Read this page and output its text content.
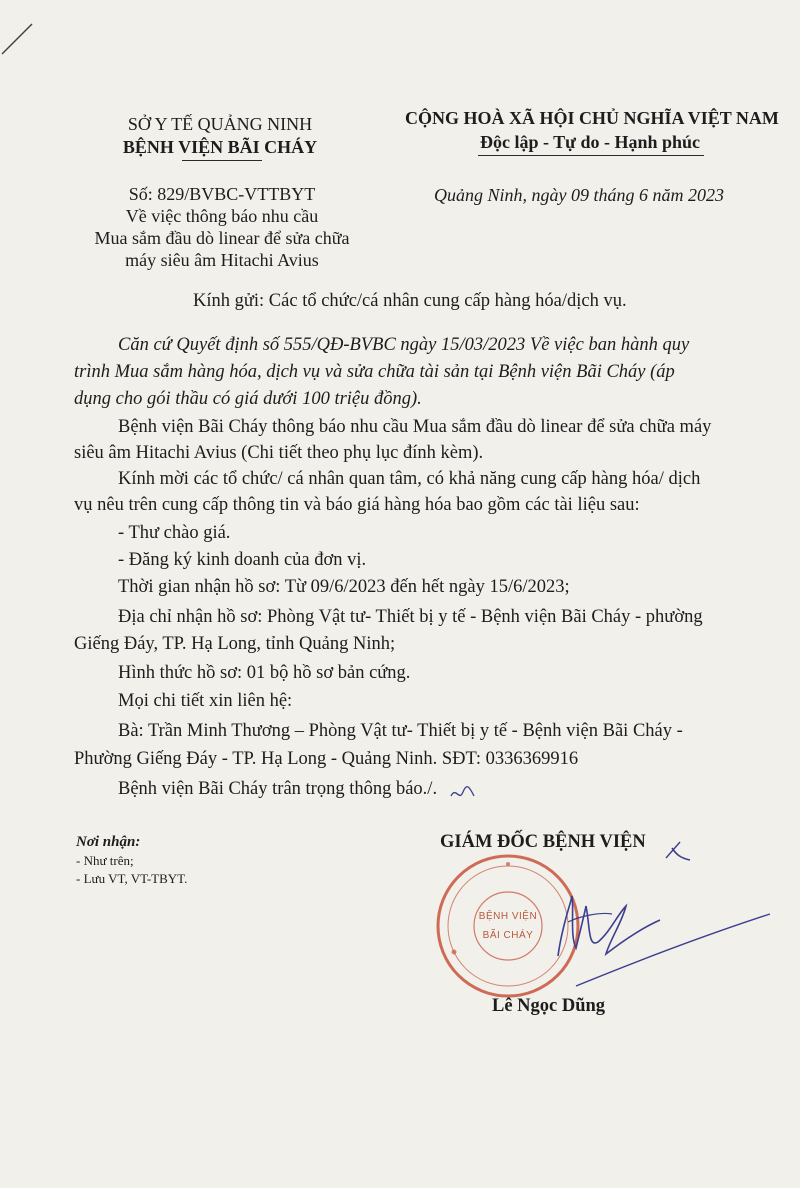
SỞ Y TẾ QUẢNG NINH
BỆNH VIỆN BÃI CHÁY
CỘNG HOÀ XÃ HỘI CHỦ NGHĨA VIỆT NAM
Độc lập - Tự do - Hạnh phúc
Số: 829/BVBC-VTTBYT
Về việc thông báo nhu cầu
Mua sắm đầu dò linear để sửa chữa
máy siêu âm Hitachi Avius
Quảng Ninh, ngày 09 tháng 6 năm 2023
Kính gửi: Các tổ chức/cá nhân cung cấp hàng hóa/dịch vụ.
Căn cứ Quyết định số 555/QĐ-BVBC ngày 15/03/2023 Về việc ban hành quy
trình Mua sắm hàng hóa, dịch vụ và sửa chữa tài sản tại Bệnh viện Bãi Cháy (áp
dụng cho gói thầu có giá dưới 100 triệu đồng).
Bệnh viện Bãi Cháy thông báo nhu cầu Mua sắm đầu dò linear để sửa chữa máy
siêu âm Hitachi Avius (Chi tiết theo phụ lục đính kèm).
Kính mời các tổ chức/ cá nhân quan tâm, có khả năng cung cấp hàng hóa/ dịch
vụ nêu trên cung cấp thông tin và báo giá hàng hóa bao gồm các tài liệu sau:
- Thư chào giá.
- Đăng ký kinh doanh của đơn vị.
Thời gian nhận hồ sơ: Từ 09/6/2023 đến hết ngày 15/6/2023;
Địa chỉ nhận hồ sơ: Phòng Vật tư- Thiết bị y tế - Bệnh viện Bãi Cháy - phường
Giếng Đáy, TP. Hạ Long, tỉnh Quảng Ninh;
Hình thức hồ sơ: 01 bộ hồ sơ bản cứng.
Mọi chi tiết xin liên hệ:
Bà: Trần Minh Thương – Phòng Vật tư- Thiết bị y tế - Bệnh viện Bãi Cháy -
Phường Giếng Đáy - TP. Hạ Long - Quảng Ninh. SĐT: 0336369916
Bệnh viện Bãi Cháy trân trọng thông báo./.
Nơi nhận:
- Như trên;
- Lưu VT, VT-TBYT.
GIÁM ĐỐC BỆNH VIỆN
BỆNH VIỆN
BÃI CHÁY
Lê Ngọc Dũng
